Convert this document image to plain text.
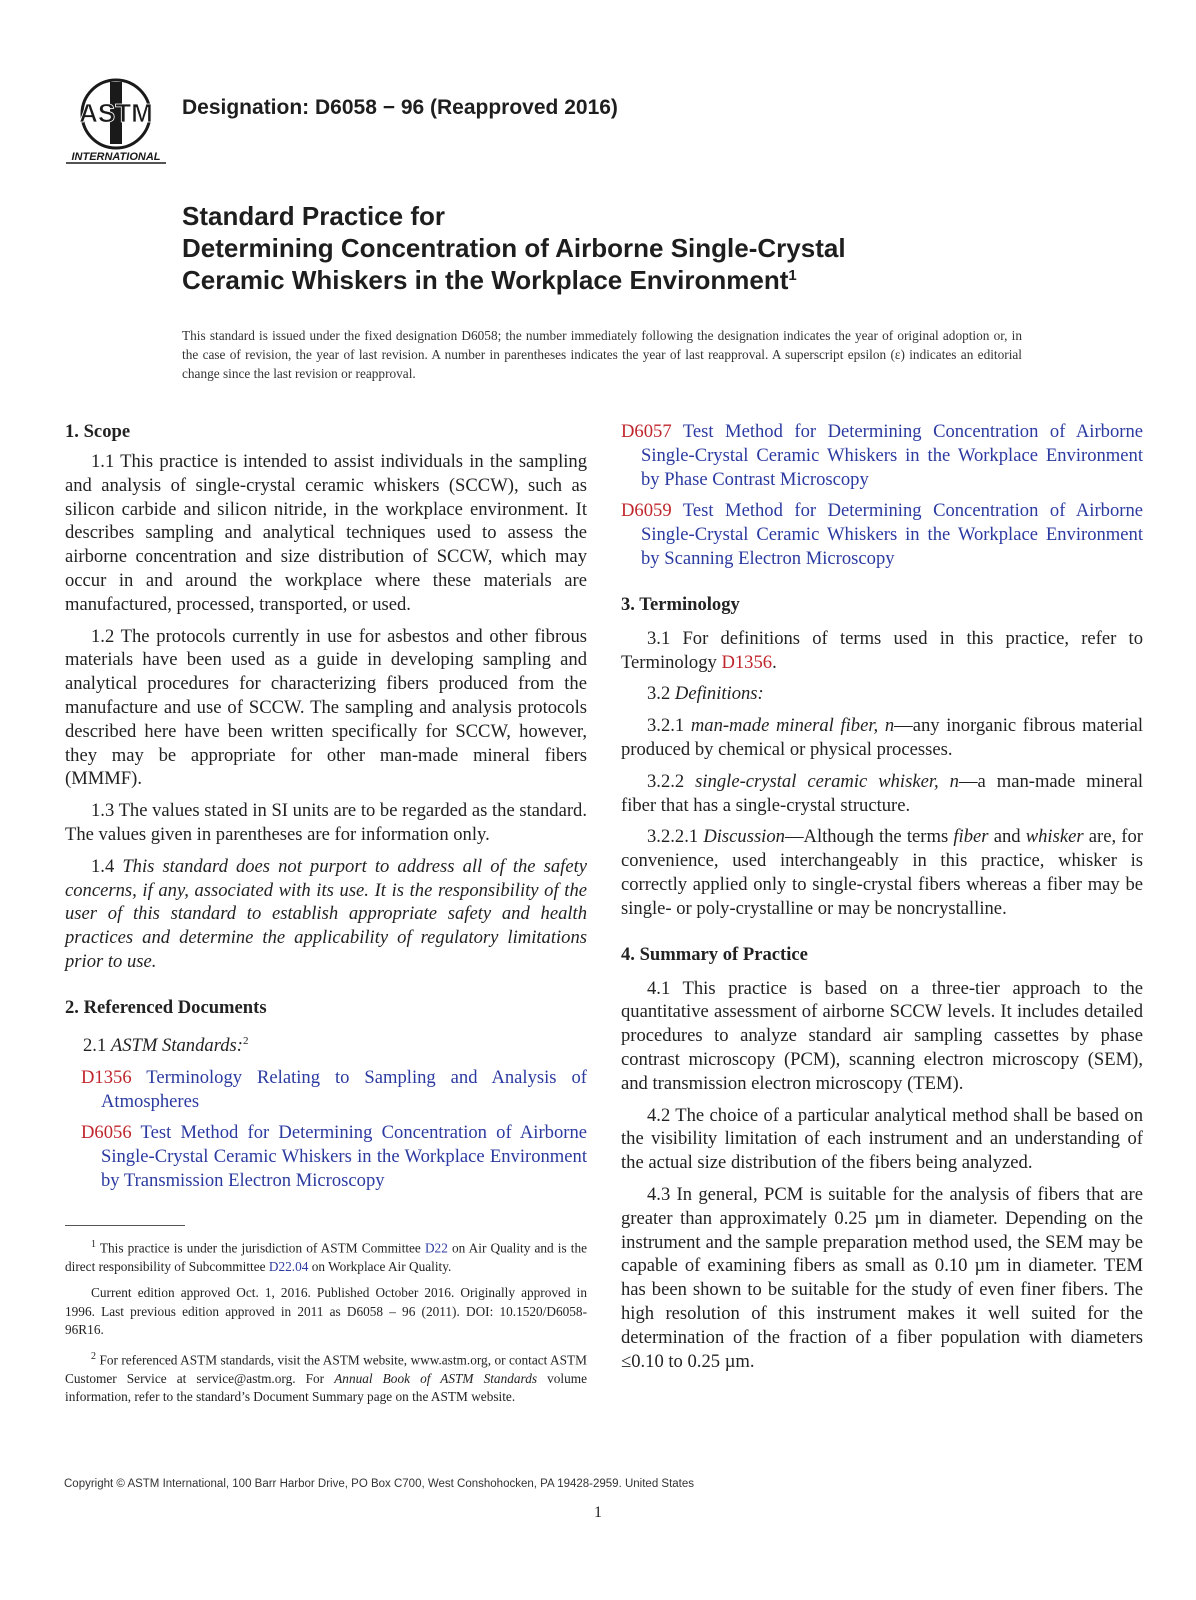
ASTM
INTERNATIONAL

Designation: D6058 − 96 (Reapproved 2016)

Standard Practice for
Determining Concentration of Airborne Single-Crystal
Ceramic Whiskers in the Workplace Environment$^1$

This standard is issued under the fixed designation D6058; the number immediately following the designation indicates the year of original adoption or, in the case of revision, the year of last revision. A number in parentheses indicates the year of last reapproval. A superscript epsilon (ε) indicates an editorial change since the last revision or reapproval.

1. Scope

1.1 This practice is intended to assist individuals in the sampling and analysis of single-crystal ceramic whiskers (SCCW), such as silicon carbide and silicon nitride, in the workplace environment. It describes sampling and analytical techniques used to assess the airborne concentration and size distribution of SCCW, which may occur in and around the workplace where these materials are manufactured, processed, transported, or used.

1.2 The protocols currently in use for asbestos and other fibrous materials have been used as a guide in developing sampling and analytical procedures for characterizing fibers produced from the manufacture and use of SCCW. The sampling and analysis protocols described here have been written specifically for SCCW, however, they may be appropriate for other man-made mineral fibers (MMMF).

1.3 The values stated in SI units are to be regarded as the standard. The values given in parentheses are for information only.

1.4 This standard does not purport to address all of the safety concerns, if any, associated with its use. It is the responsibility of the user of this standard to establish appropriate safety and health practices and determine the applicability of regulatory limitations prior to use.

2. Referenced Documents

2.1 ASTM Standards:$^2$

D1356 Terminology Relating to Sampling and Analysis of Atmospheres

D6056 Test Method for Determining Concentration of Airborne Single-Crystal Ceramic Whiskers in the Workplace Environment by Transmission Electron Microscopy

$^1$ This practice is under the jurisdiction of ASTM Committee D22 on Air Quality and is the direct responsibility of Subcommittee D22.04 on Workplace Air Quality.

Current edition approved Oct. 1, 2016. Published October 2016. Originally approved in 1996. Last previous edition approved in 2011 as D6058 – 96 (2011). DOI: 10.1520/D6058-96R16.

$^2$ For referenced ASTM standards, visit the ASTM website, www.astm.org, or contact ASTM Customer Service at service@astm.org. For Annual Book of ASTM Standards volume information, refer to the standard’s Document Summary page on the ASTM website.

D6057 Test Method for Determining Concentration of Airborne Single-Crystal Ceramic Whiskers in the Workplace Environment by Phase Contrast Microscopy

D6059 Test Method for Determining Concentration of Airborne Single-Crystal Ceramic Whiskers in the Workplace Environment by Scanning Electron Microscopy

3. Terminology

3.1 For definitions of terms used in this practice, refer to Terminology D1356.

3.2 Definitions:

3.2.1 man-made mineral fiber, n—any inorganic fibrous material produced by chemical or physical processes.

3.2.2 single-crystal ceramic whisker, n—a man-made mineral fiber that has a single-crystal structure.

3.2.2.1 Discussion—Although the terms fiber and whisker are, for convenience, used interchangeably in this practice, whisker is correctly applied only to single-crystal fibers whereas a fiber may be single- or poly-crystalline or may be noncrystalline.

4. Summary of Practice

4.1 This practice is based on a three-tier approach to the quantitative assessment of airborne SCCW levels. It includes detailed procedures to analyze standard air sampling cassettes by phase contrast microscopy (PCM), scanning electron microscopy (SEM), and transmission electron microscopy (TEM).

4.2 The choice of a particular analytical method shall be based on the visibility limitation of each instrument and an understanding of the actual size distribution of the fibers being analyzed.

4.3 In general, PCM is suitable for the analysis of fibers that are greater than approximately 0.25 µm in diameter. Depending on the instrument and the sample preparation method used, the SEM may be capable of examining fibers as small as 0.10 µm in diameter. TEM has been shown to be suitable for the study of even finer fibers. The high resolution of this instrument makes it well suited for the determination of the fraction of a fiber population with diameters ≤0.10 to 0.25 µm.

Copyright © ASTM International, 100 Barr Harbor Drive, PO Box C700, West Conshohocken, PA 19428-2959. United States

1
